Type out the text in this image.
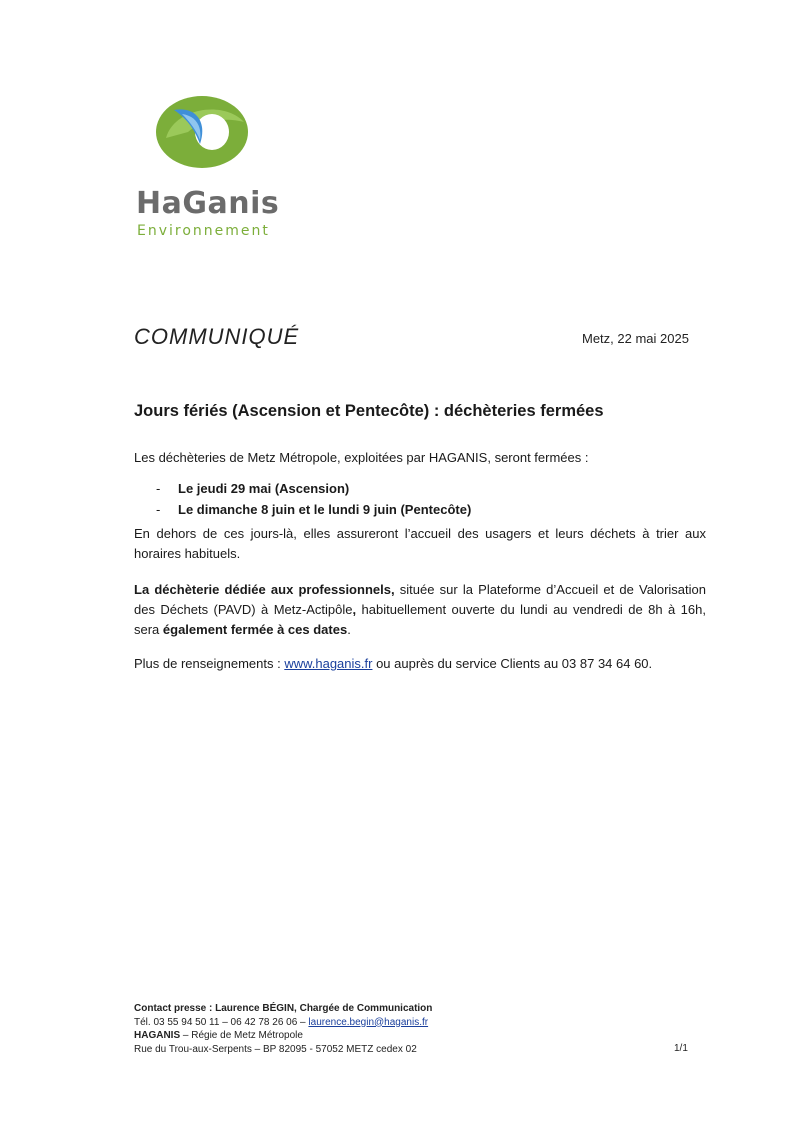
HaGanis
Environnement
COMMUNIQUÉ	Metz, 22 mai 2025
Jours fériés (Ascension et Pentecôte) : déchèteries fermées
Les déchèteries de Metz Métropole, exploitées par HAGANIS, seront fermées :
-	Le jeudi 29 mai (Ascension)
-	Le dimanche 8 juin et le lundi 9 juin (Pentecôte)

En dehors de ces jours-là, elles assureront l’accueil des usagers et leurs déchets à trier aux horaires habituels.

La déchèterie dédiée aux professionnels, située sur la Plateforme d’Accueil et de Valorisation des Déchets (PAVD) à Metz-Actipôle, habituellement ouverte du lundi au vendredi de 8h à 16h, sera également fermée à ces dates.

Plus de renseignements : www.haganis.fr ou auprès du service Clients au 03 87 34 64 60.

Contact presse : Laurence BÉGIN, Chargée de Communication
Tél. 03 55 94 50 11 – 06 42 78 26 06 – laurence.begin@haganis.fr
HAGANIS – Régie de Metz Métropole
Rue du Trou-aux-Serpents – BP 82095 - 57052 METZ cedex 02	1/1
